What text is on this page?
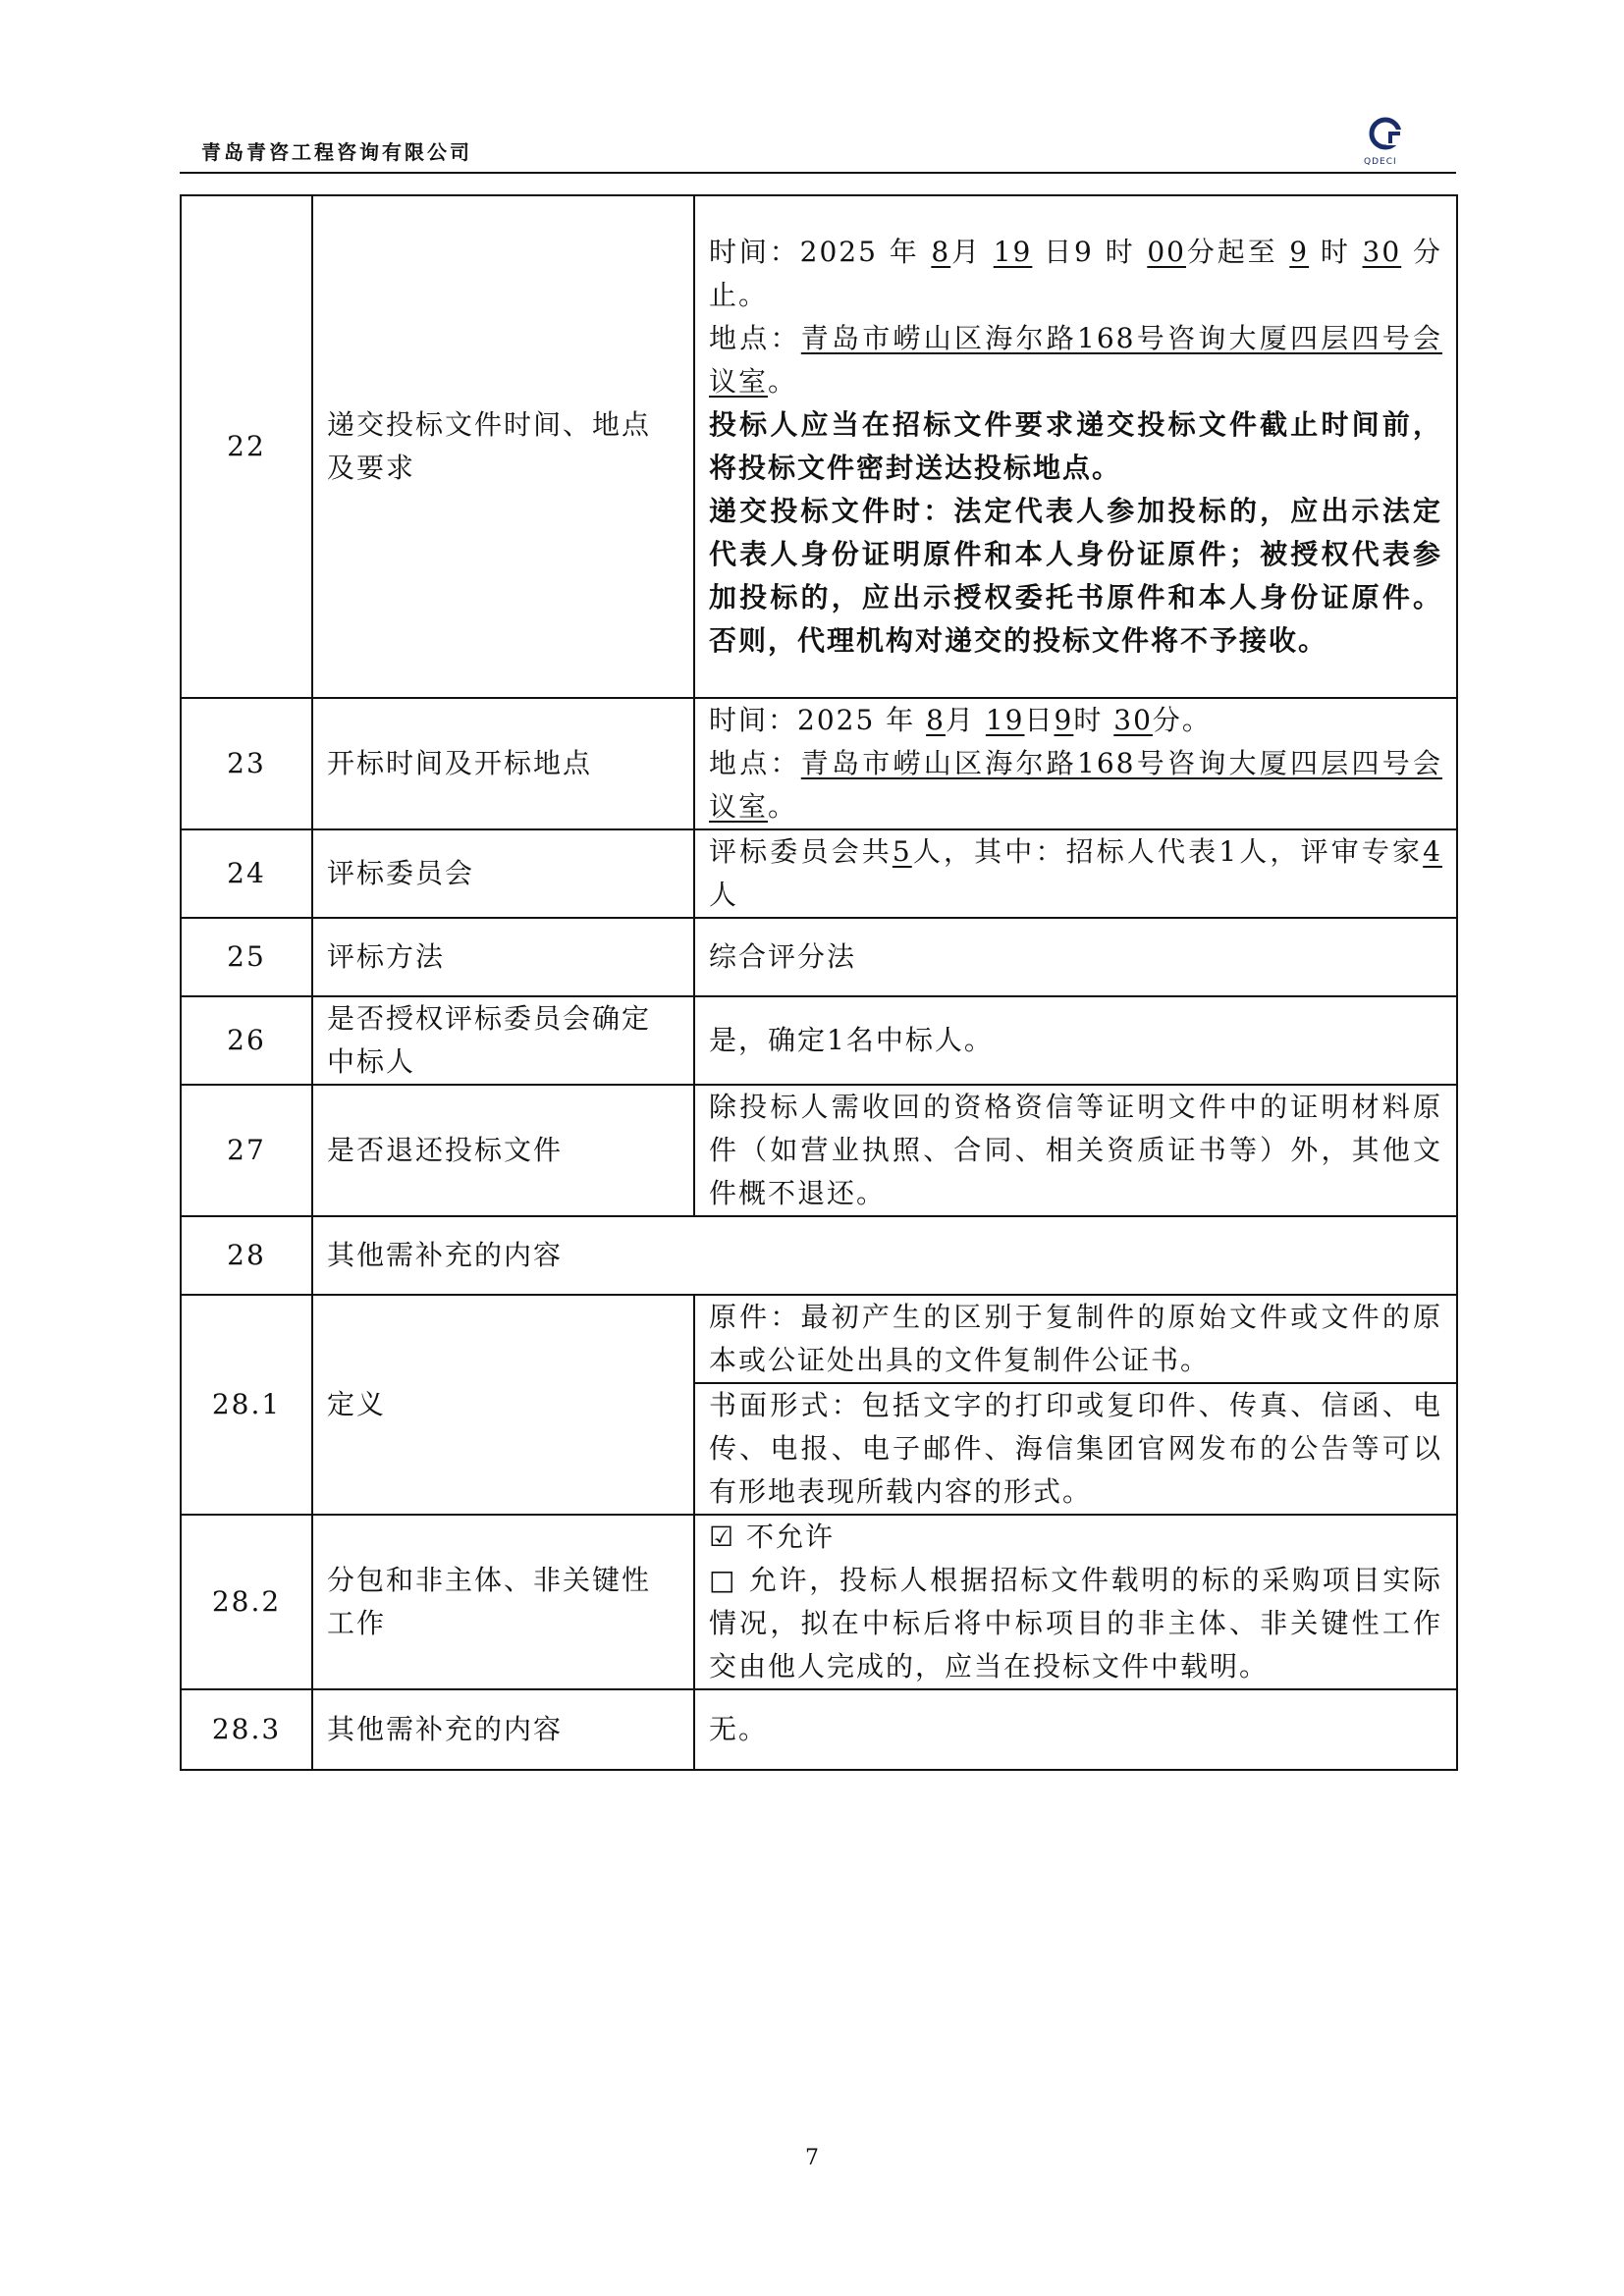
青岛青咨工程咨询有限公司	QDECI
22	递交投标文件时间、地点及要求	时间：2025 年 8月 19 日9 时 00分起至 9 时 30 分止。
地点：青岛市崂山区海尔路168号咨询大厦四层四号会议室。
投标人应当在招标文件要求递交投标文件截止时间前，将投标文件密封送达投标地点。
递交投标文件时：法定代表人参加投标的，应出示法定代表人身份证明原件和本人身份证原件；被授权代表参加投标的，应出示授权委托书原件和本人身份证原件。否则，代理机构对递交的投标文件将不予接收。

23	开标时间及开标地点	时间：2025 年 8月 19日9时 30分。
地点：青岛市崂山区海尔路168号咨询大厦四层四号会议室。

24	评标委员会	评标委员会共5人，其中：招标人代表1人，评审专家4人
25	评标方法	综合评分法
26	是否授权评标委员会确定中标人	是，确定1名中标人。
27	是否退还投标文件	除投标人需收回的资格资信等证明文件中的证明材料原件（如营业执照、合同、相关资质证书等）外，其他文件概不退还。
28	其他需补充的内容	
28.1	定义	原件：最初产生的区别于复制件的原始文件或文件的原本或公证处出具的文件复制件公证书。
书面形式：包括文字的打印或复印件、传真、信函、电传、电报、电子邮件、海信集团官网发布的公告等可以有形地表现所载内容的形式。

28.2	分包和非主体、非关键性工作	☑ 不允许
□ 允许，投标人根据招标文件载明的标的采购项目实际情况，拟在中标后将中标项目的非主体、非关键性工作交由他人完成的，应当在投标文件中载明。

28.3	其他需补充的内容	无。
7
